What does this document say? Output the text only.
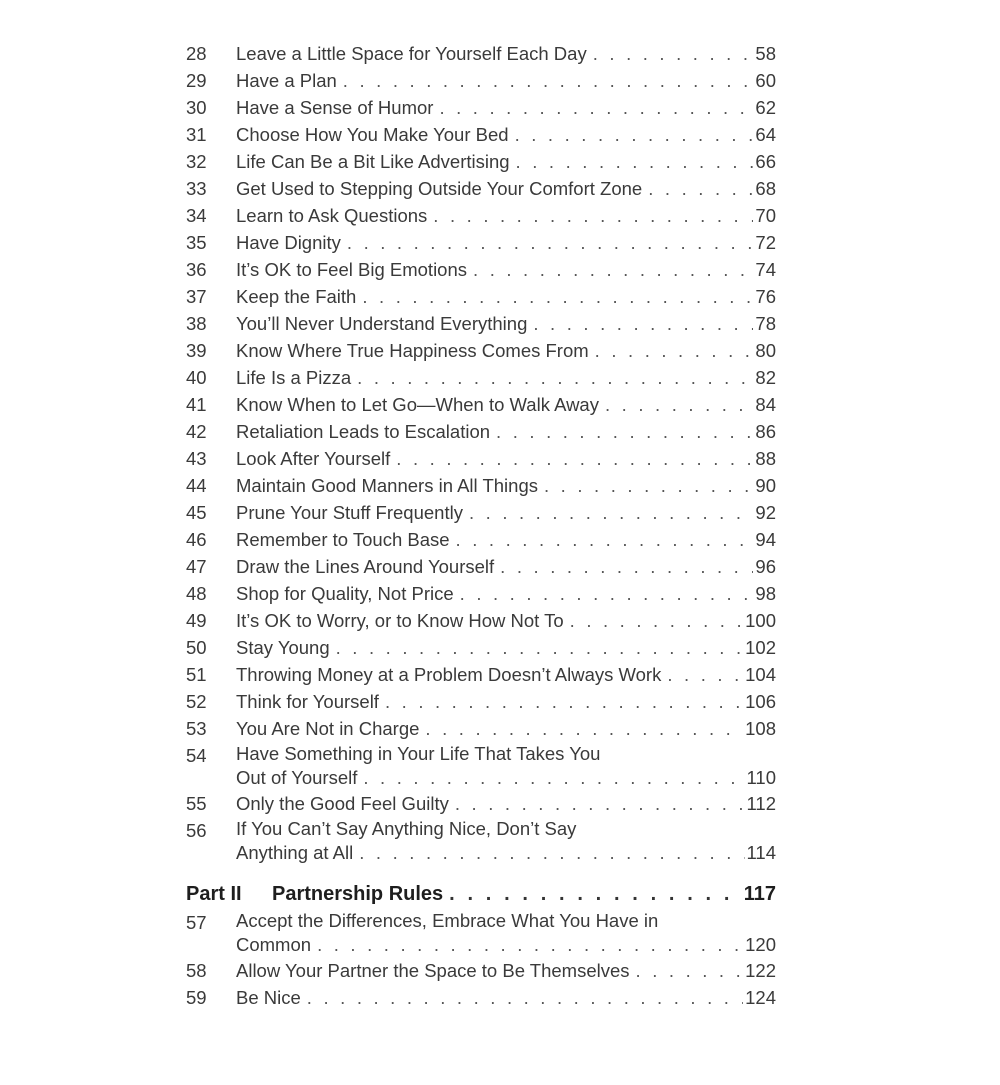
28	Leave a Little Space for Yourself Each Day . . .	58
29	Have a Plan . . .	60
30	Have a Sense of Humor . . .	62
31	Choose How You Make Your Bed . . .	64
32	Life Can Be a Bit Like Advertising . . .	66
33	Get Used to Stepping Outside Your Comfort Zone . . .	68
34	Learn to Ask Questions . . .	70
35	Have Dignity . . .	72
36	It’s OK to Feel Big Emotions . . .	74
37	Keep the Faith . . .	76
38	You’ll Never Understand Everything . . .	78
39	Know Where True Happiness Comes From . . .	80
40	Life Is a Pizza . . .	82
41	Know When to Let Go—When to Walk Away . . .	84
42	Retaliation Leads to Escalation . . .	86
43	Look After Yourself . . .	88
44	Maintain Good Manners in All Things . . .	90
45	Prune Your Stuff Frequently . . .	92
46	Remember to Touch Base . . .	94
47	Draw the Lines Around Yourself . . .	96
48	Shop for Quality, Not Price . . .	98
49	It’s OK to Worry, or to Know How Not To . . .	100
50	Stay Young . . .	102
51	Throwing Money at a Problem Doesn’t Always Work . . .	104
52	Think for Yourself . . .	106
53	You Are Not in Charge . . .	108
54	Have Something in Your Life That Takes You
Out of Yourself . . .	110
55	Only the Good Feel Guilty . . .	112
56	If You Can’t Say Anything Nice, Don’t Say
Anything at All . . .	114
Part II Partnership Rules . . .	117
57	Accept the Differences, Embrace What You Have in
Common . . .	120
58	Allow Your Partner the Space to Be Themselves . . .	122
59	Be Nice . . .	124
